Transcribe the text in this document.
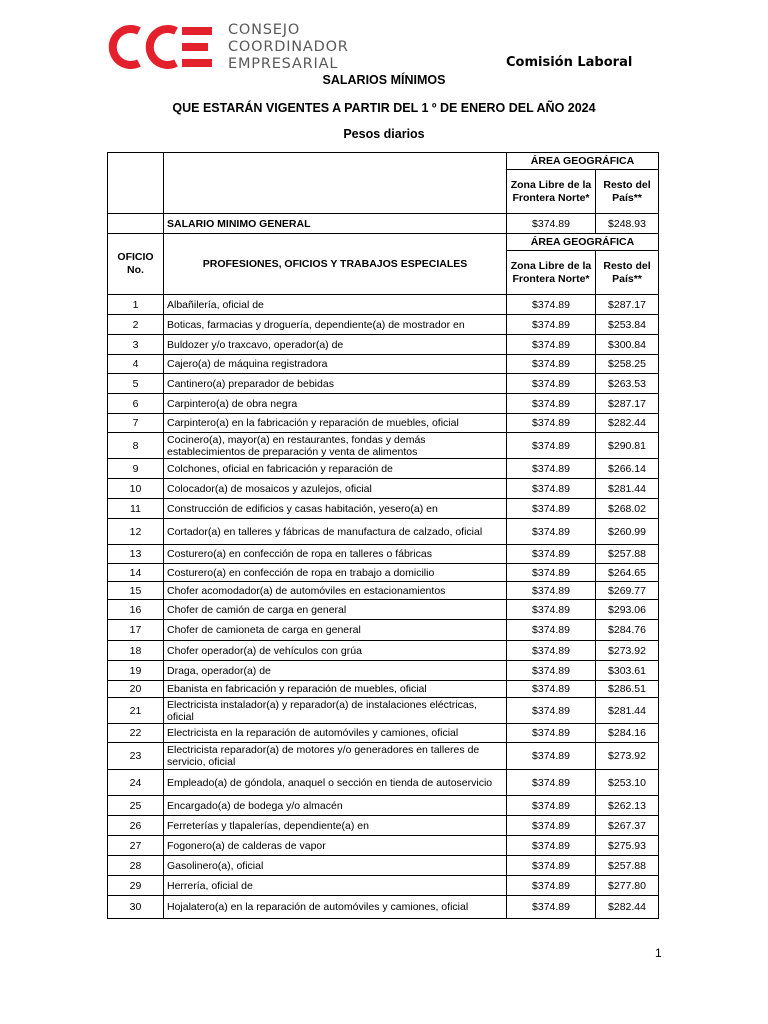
CONSEJO
COORDINADOR
EMPRESARIAL	Comisión Laboral
SALARIOS MÍNIMOS
QUE ESTARÁN VIGENTES A PARTIR DEL 1 º DE ENERO DEL AÑO 2024
Pesos diarios
		ÁREA GEOGRÁFICA	
		Zona Libre de la Frontera Norte*	Resto del País**
	SALARIO MINIMO GENERAL	$374.89	$248.93
OFICIO No.	PROFESIONES, OFICIOS Y TRABAJOS ESPECIALES	ÁREA GEOGRÁFICA	
		Zona Libre de la Frontera Norte*	Resto del País**
1	Albañilería, oficial de	$374.89	$287.17
2	Boticas, farmacias y droguería, dependiente(a) de mostrador en	$374.89	$253.84
3	Buldozer y/o traxcavo, operador(a) de	$374.89	$300.84
4	Cajero(a) de máquina registradora	$374.89	$258.25
5	Cantinero(a) preparador de bebidas	$374.89	$263.53
6	Carpintero(a) de obra negra	$374.89	$287.17
7	Carpintero(a) en la fabricación y reparación de muebles, oficial	$374.89	$282.44
8	Cocinero(a), mayor(a) en restaurantes, fondas y demás establecimientos de preparación y venta de alimentos	$374.89	$290.81
9	Colchones, oficial en fabricación y reparación de	$374.89	$266.14
10	Colocador(a) de mosaicos y azulejos, oficial	$374.89	$281.44
11	Construcción de edificios y casas habitación, yesero(a) en	$374.89	$268.02
12	Cortador(a) en talleres y fábricas de manufactura de calzado, oficial	$374.89	$260.99
13	Costurero(a) en confección de ropa en talleres o fábricas	$374.89	$257.88
14	Costurero(a) en confección de ropa en trabajo a domicilio	$374.89	$264.65
15	Chofer acomodador(a) de automóviles en estacionamientos	$374.89	$269.77
16	Chofer de camión de carga en general	$374.89	$293.06
17	Chofer de camioneta de carga en general	$374.89	$284.76
18	Chofer operador(a) de vehículos con grúa	$374.89	$273.92
19	Draga, operador(a) de	$374.89	$303.61
20	Ebanista en fabricación y reparación de muebles, oficial	$374.89	$286.51
21	Electricista instalador(a) y reparador(a) de instalaciones eléctricas, oficial	$374.89	$281.44
22	Electricista en la reparación de automóviles y camiones, oficial	$374.89	$284.16
23	Electricista reparador(a) de motores y/o generadores en talleres de servicio, oficial	$374.89	$273.92
24	Empleado(a) de góndola, anaquel o sección en tienda de autoservicio	$374.89	$253.10
25	Encargado(a) de bodega y/o almacén	$374.89	$262.13
26	Ferreterías y tlapalerías, dependiente(a) en	$374.89	$267.37
27	Fogonero(a) de calderas de vapor	$374.89	$275.93
28	Gasolinero(a), oficial	$374.89	$257.88
29	Herrería, oficial de	$374.89	$277.80
30	Hojalatero(a) en la reparación de automóviles y camiones, oficial	$374.89	$282.44
1
